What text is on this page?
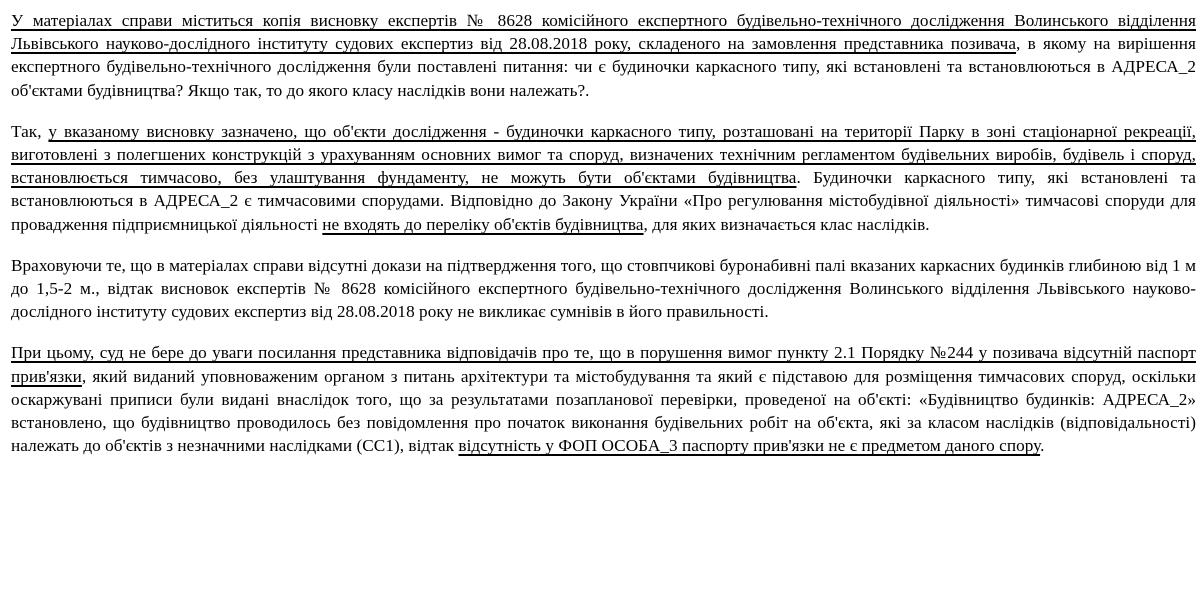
У матеріалах справи міститься копія висновку експертів № 8628 комісійного експертного будівельно-технічного дослідження Волинського відділення Львівського науково-дослідного інституту судових експертиз від 28.08.2018 року, складеного на замовлення представника позивача, в якому на вирішення експертного будівельно-технічного дослідження були поставлені питання: чи є будиночки каркасного типу, які встановлені та встановлюються в АДРЕСА_2 об'єктами будівництва? Якщо так, то до якого класу наслідків вони належать?.

Так, у вказаному висновку зазначено, що об'єкти дослідження - будиночки каркасного типу, розташовані на території Парку в зоні стаціонарної рекреації, виготовлені з полегшених конструкцій з урахуванням основних вимог та споруд, визначених технічним регламентом будівельних виробів, будівель і споруд, встановлюється тимчасово, без улаштування фундаменту, не можуть бути об'єктами будівництва. Будиночки каркасного типу, які встановлені та встановлюються в АДРЕСА_2 є тимчасовими спорудами. Відповідно до Закону України «Про регулювання містобудівної діяльності» тимчасові споруди для провадження підприємницької діяльності не входять до переліку об'єктів будівництва, для яких визначається клас наслідків.

Враховуючи те, що в матеріалах справи відсутні докази на підтвердження того, що стовпчикові буронабивні палі вказаних каркасних будинків глибиною від 1 м до 1,5-2 м., відтак висновок експертів № 8628 комісійного експертного будівельно-технічного дослідження Волинського відділення Львівського науково-дослідного інституту судових експертиз від 28.08.2018 року не викликає сумнівів в його правильності.

При цьому, суд не бере до уваги посилання представника відповідачів про те, що в порушення вимог пункту 2.1 Порядку №244 у позивача відсутній паспорт прив'язки, який виданий уповноваженим органом з питань архітектури та містобудування та який є підставою для розміщення тимчасових споруд, оскільки оскаржувані приписи були видані внаслідок того, що за результатами позапланової перевірки, проведеної на об'єкті: «Будівництво будинків: АДРЕСА_2» встановлено, що будівництво проводилось без повідомлення про початок виконання будівельних робіт на об'єкта, які за класом наслідків (відповідальності) належать до об'єктів з незначними наслідками (СС1), відтак відсутність у ФОП ОСОБА_3 паспорту прив'язки не є предметом даного спору.
